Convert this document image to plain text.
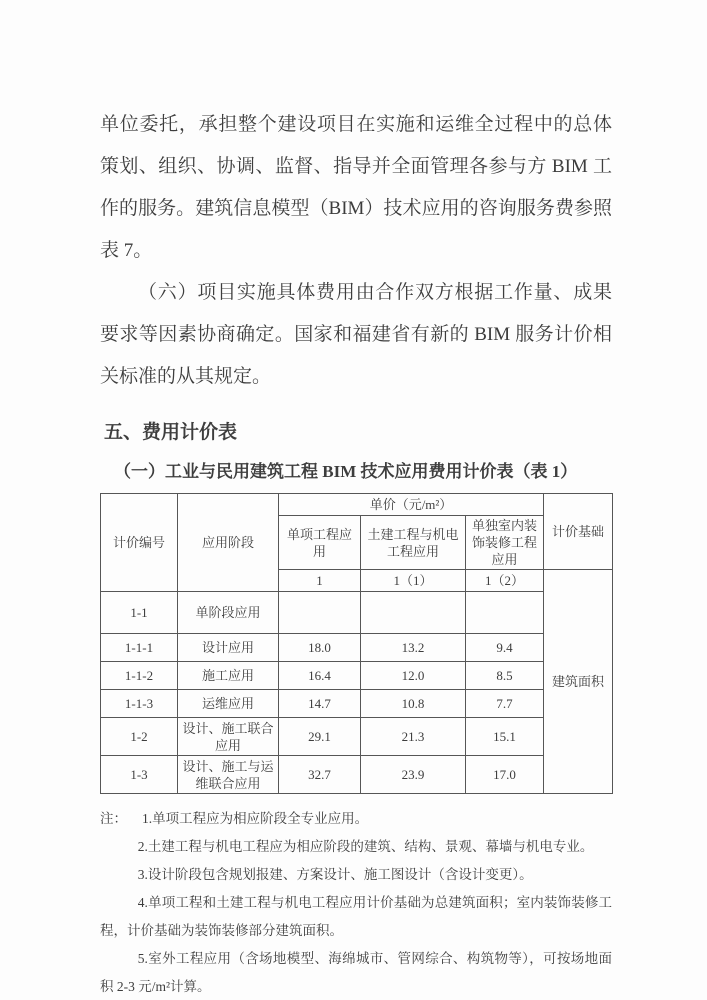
单位委托，承担整个建设项目在实施和运维全过程中的总体策划、组织、协调、监督、指导并全面管理各参与方 BIM 工作的服务。建筑信息模型（BIM）技术应用的咨询服务费参照表 7。

（六）项目实施具体费用由合作双方根据工作量、成果要求等因素协商确定。国家和福建省有新的 BIM 服务计价相关标准的从其规定。

五、费用计价表
（一）工业与民用建筑工程 BIM 技术应用费用计价表（表 1）
计价编号	应用阶段	单价（元/m²）			计价基础
		单项工程应用	土建工程与机电工程应用	单独室内装饰装修工程应用	
		1	1（1）	1（2）	建筑面积
1-1	单阶段应用				
1-1-1	设计应用	18.0	13.2	9.4	
1-1-2	施工应用	16.4	12.0	8.5	
1-1-3	运维应用	14.7	10.8	7.7	
1-2	设计、施工联合应用	29.1	21.3	15.1	
1-3	设计、施工与运维联合应用	32.7	23.9	17.0	

注： 1.单项工程应为相应阶段全专业应用。

2.土建工程与机电工程应为相应阶段的建筑、结构、景观、幕墙与机电专业。

3.设计阶段包含规划报建、方案设计、施工图设计（含设计变更）。

4.单项工程和土建工程与机电工程应用计价基础为总建筑面积；室内装饰装修工程，计价基础为装饰装修部分建筑面积。

5.室外工程应用（含场地模型、海绵城市、管网综合、构筑物等），可按场地面积 2-3 元/m²计算。
